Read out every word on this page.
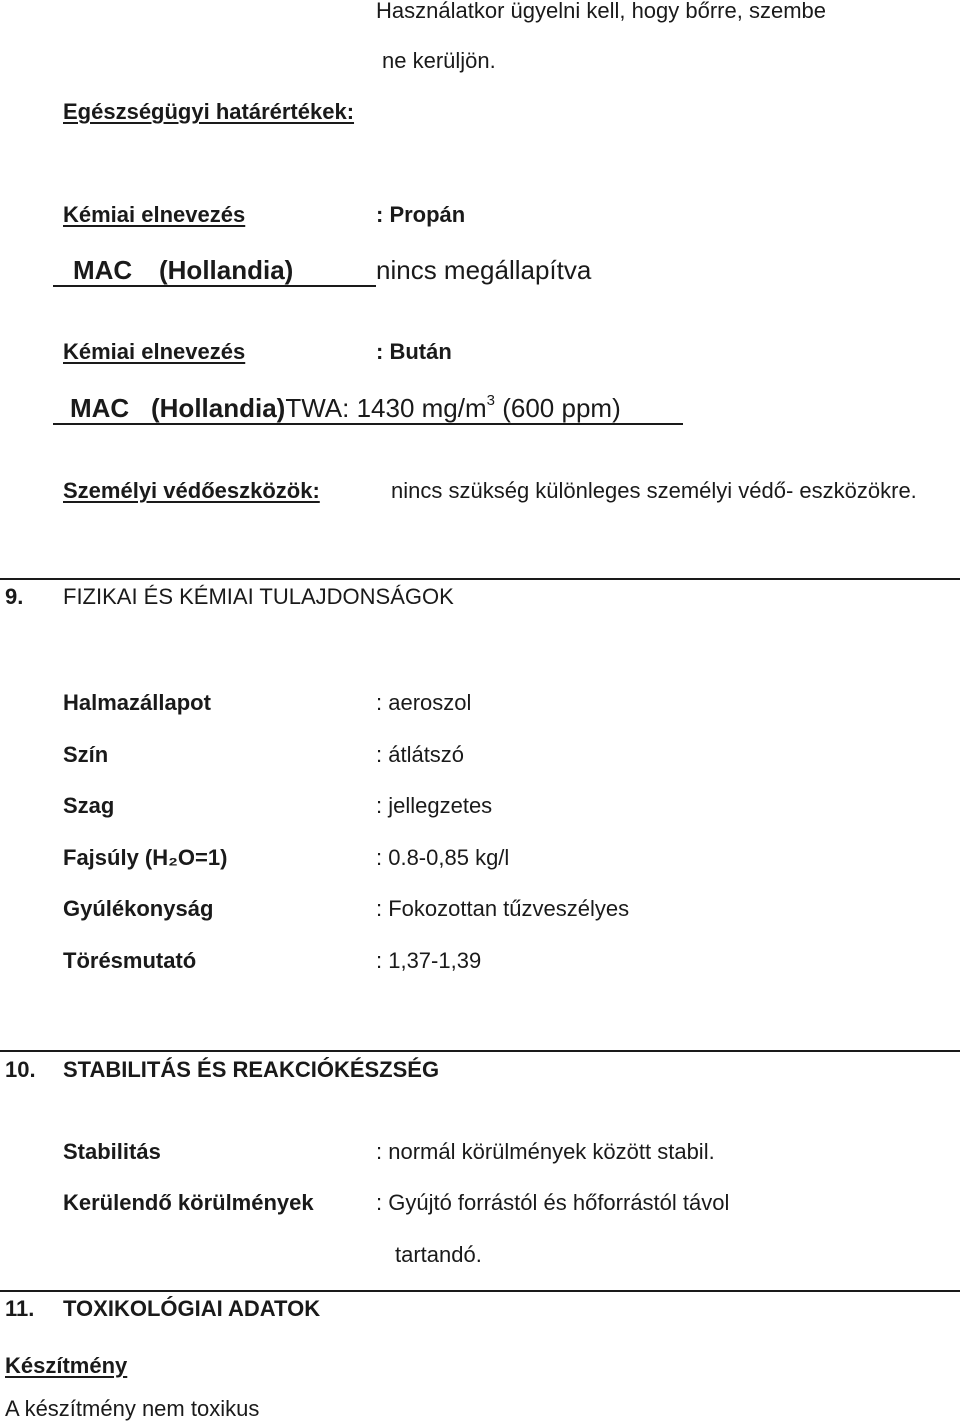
Használatkor ügyelni kell, hogy bőrre, szembe
ne kerüljön.
Egészségügyi határértékek:
Kémiai elnevezés	: Propán
MAC (Hollandia)	nincs megállapítva
Kémiai elnevezés	: Bután
MAC (Hollandia)TWA: 1430 $mg/m^3$ (600 ppm)
Személyi védőeszközök:	nincs szükség különleges személyi védő- eszközökre.
9. FIZIKAI ÉS KÉMIAI TULAJDONSÁGOK
Halmazállapot	: aeroszol
Szín	: átlátszó
Szag	: jellegzetes
Fajsúly (H₂O=1)	: 0.8-0,85 kg/l
Gyúlékonyság	: Fokozottan tűzveszélyes
Törésmutató	: 1,37-1,39
10. STABILITÁS ÉS REAKCIÓKÉSZSÉG
Stabilitás	: normál körülmények között stabil.
Kerülendő körülmények	: Gyújtó forrástól és hőforrástól távol
tartandó.
11. TOXIKOLÓGIAI ADATOK
Készítmény
A készítmény nem toxikus
